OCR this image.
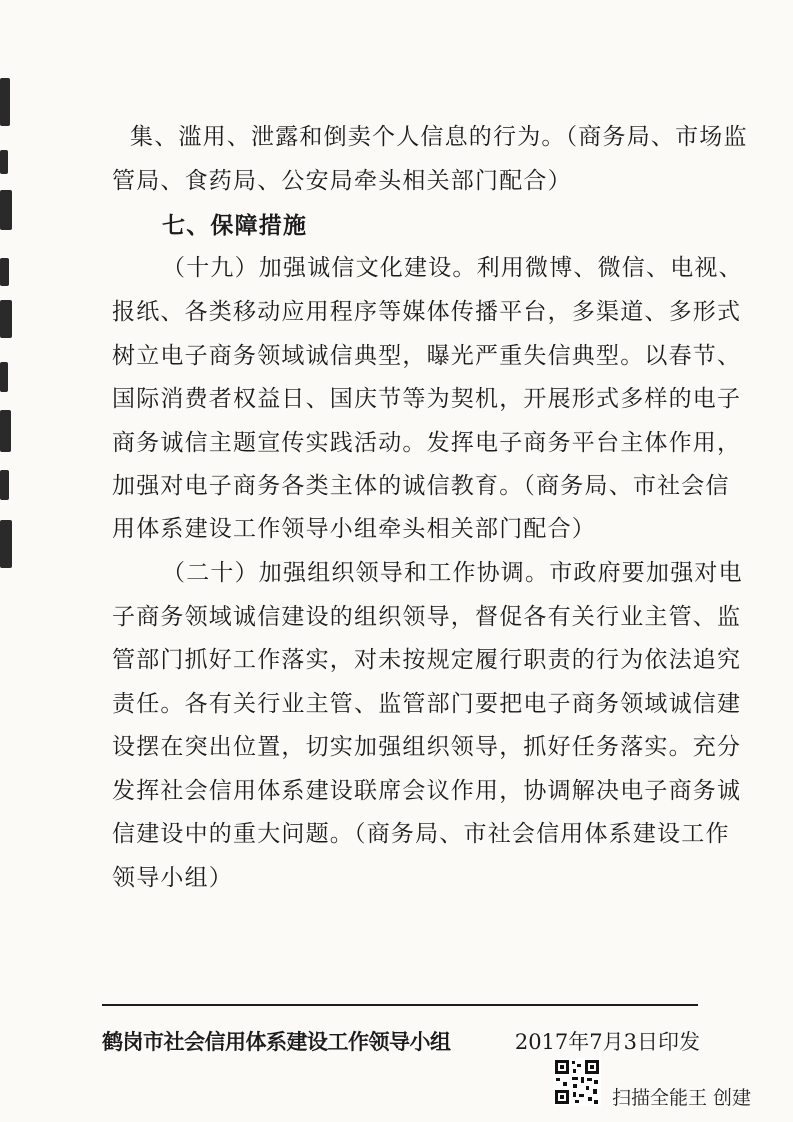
集、滥用、泄露和倒卖个人信息的行为。（商务局、市场监
管局、食药局、公安局牵头相关部门配合）
七、保障措施
（十九）加强诚信文化建设。利用微博、微信、电视、
报纸、各类移动应用程序等媒体传播平台，多渠道、多形式
树立电子商务领域诚信典型，曝光严重失信典型。以春节、
国际消费者权益日、国庆节等为契机，开展形式多样的电子
商务诚信主题宣传实践活动。发挥电子商务平台主体作用，
加强对电子商务各类主体的诚信教育。（商务局、市社会信
用体系建设工作领导小组牵头相关部门配合）
（二十）加强组织领导和工作协调。市政府要加强对电
子商务领域诚信建设的组织领导，督促各有关行业主管、监
管部门抓好工作落实，对未按规定履行职责的行为依法追究
责任。各有关行业主管、监管部门要把电子商务领域诚信建
设摆在突出位置，切实加强组织领导，抓好任务落实。充分
发挥社会信用体系建设联席会议作用，协调解决电子商务诚
信建设中的重大问题。（商务局、市社会信用体系建设工作
领导小组）
鹤岗市社会信用体系建设工作领导小组	2017年7月3日印发
扫描全能王 创建
